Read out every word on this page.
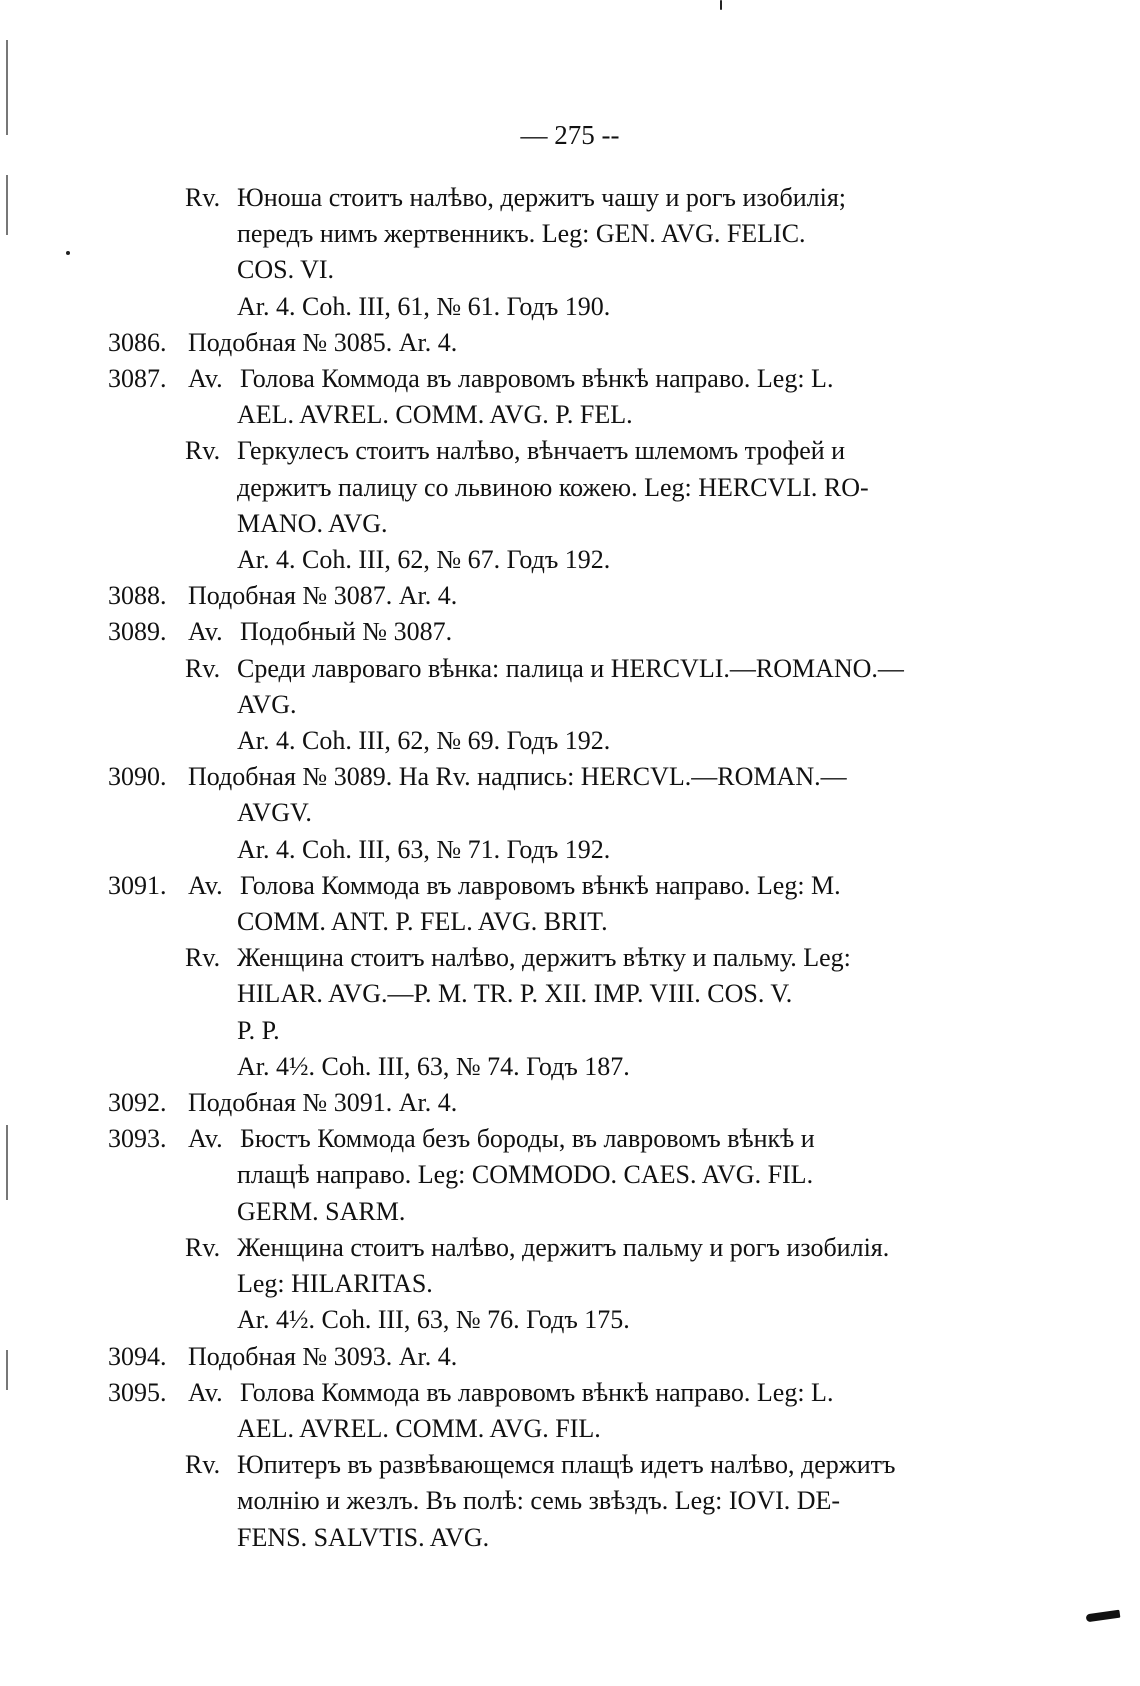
— 275 --
Rv. Юноша стоитъ налѣво, держитъ чашу и рогъ изобилія;
передъ нимъ жертвенникъ. Leg: GEN. AVG. FELIC.
COS. VI.
Ar. 4. Coh. III, 61, № 61. Годъ 190.
3086. Подобная № 3085. Ar. 4.
3087. Av. Голова Коммода въ лавровомъ вѣнкѣ направо. Leg: L.
AEL. AVREL. COMM. AVG. P. FEL.
Rv. Геркулесъ стоитъ налѣво, вѣнчаетъ шлемомъ трофей и
держитъ палицу со львиною кожею. Leg: HERCVLI. RO-
MANO. AVG.
Ar. 4. Coh. III, 62, № 67. Годъ 192.
3088. Подобная № 3087. Ar. 4.
3089. Av. Подобный № 3087.
Rv. Среди лавроваго вѣнка: палица и HERCVLI.—ROMANO.—
AVG.
Ar. 4. Coh. III, 62, № 69. Годъ 192.
3090. Подобная № 3089. На Rv. надпись: HERCVL.—ROMAN.—
AVGV.
Ar. 4. Coh. III, 63, № 71. Годъ 192.
3091. Av. Голова Коммода въ лавровомъ вѣнкѣ направо. Leg: M.
COMM. ANT. P. FEL. AVG. BRIT.
Rv. Женщина стоитъ налѣво, держитъ вѣтку и пальму. Leg:
HILAR. AVG.—P. M. TR. P. XII. IMP. VIII. COS. V.
P. P.
Ar. 4½. Coh. III, 63, № 74. Годъ 187.
3092. Подобная № 3091. Ar. 4.
3093. Av. Бюстъ Коммода безъ бороды, въ лавровомъ вѣнкѣ и
плащѣ направо. Leg: COMMODO. CAES. AVG. FIL.
GERM. SARM.
Rv. Женщина стоитъ налѣво, держитъ пальму и рогъ изобилія.
Leg: HILARITAS.
Ar. 4½. Coh. III, 63, № 76. Годъ 175.
3094. Подобная № 3093. Ar. 4.
3095. Av. Голова Коммода въ лавровомъ вѣнкѣ направо. Leg: L.
AEL. AVREL. COMM. AVG. FIL.
Rv. Юпитеръ въ развѣвающемся плащѣ идетъ налѣво, держитъ
молнію и жезлъ. Въ полѣ: семь звѣздъ. Leg: IOVI. DE-
FENS. SALVTIS. AVG.
